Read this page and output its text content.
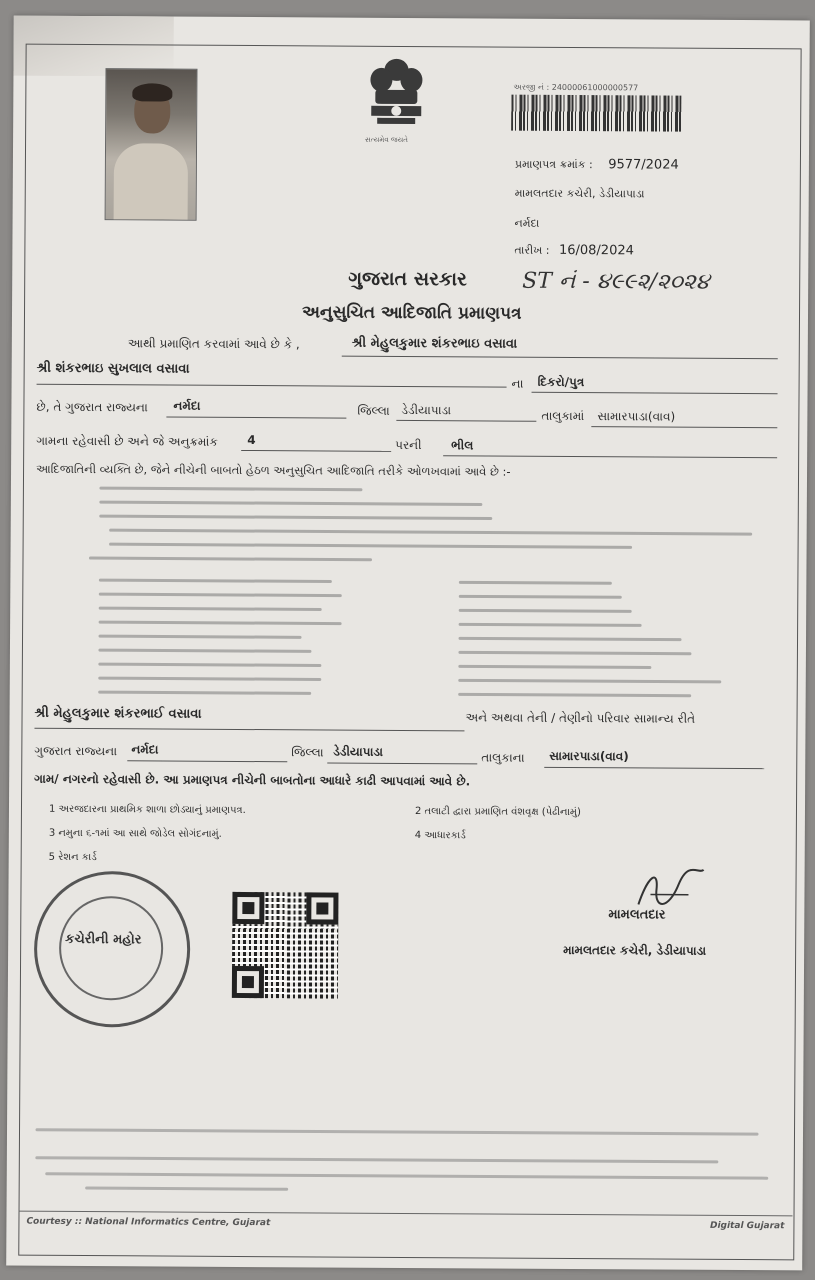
સત્યમેવ જયતે
અરજી નં : 24000061000000577
પ્રમાણપત્ર ક્રમાંક : 9577/2024
મામલતદાર કચેરી, ડેડીયાપાડા
નર્મદા
તારીખ : 16/08/2024
ગુજરાત સરકાર	ST નં - ૪૯૯૨/૨૦૨૪
અનુસુચિત આદિજાતિ પ્રમાણપત્ર
આથી પ્રમાણિત કરવામાં આવે છે કે ,	શ્રી મેહુલકુમાર શંકરભાઇ વસાવા
શ્રી શંકરભાઇ સુખલાલ વસાવા
ના દિકરો/પુત્ર
છે, તે ગુજરાત રાજ્યના નર્મદા	જિલ્લા ડેડીયાપાડા	તાલુકામાં સામારપાડા(વાવ)
ગામના રહેવાસી છે અને જે અનુક્રમાંક 4	પરની ભીલ
આદિજાતિની વ્યક્તિ છે, જેને નીચેની બાબતો હેઠળ અનુસુચિત આદિજાતિ તરીકે ઓળખવામાં આવે છે :-
શ્રી મેહુલકુમાર શંકરભાઈ વસાવા	અને અથવા તેની / તેણીનો પરિવાર સામાન્ય રીતે
ગુજરાત રાજ્યના નર્મદા	જિલ્લા ડેડીયાપાડા	તાલુકાના સામારપાડા(વાવ)
ગામ/ નગરનો રહેવાસી છે. આ પ્રમાણપત્ર નીચેની બાબતોના આધારે કાઢી આપવામાં આવે છે.
1 અરજદારના પ્રાથમિક શાળા છોડ્યાનું પ્રમાણપત્ર.	2 તલાટી દ્વારા પ્રમાણિત વંશવૃક્ષ (પેઢીનામું)
3 નમુના ૬-૧માં આ સાથે જોડેલ સોગંદનામું.	4 આધારકાર્ડ
5 રેશન કાર્ડ
કચેરીની મહોર
મામલતદાર
મામલતદાર કચેરી, ડેડીયાપાડા
Courtesy :: National Informatics Centre, Gujarat	Digital Gujarat
